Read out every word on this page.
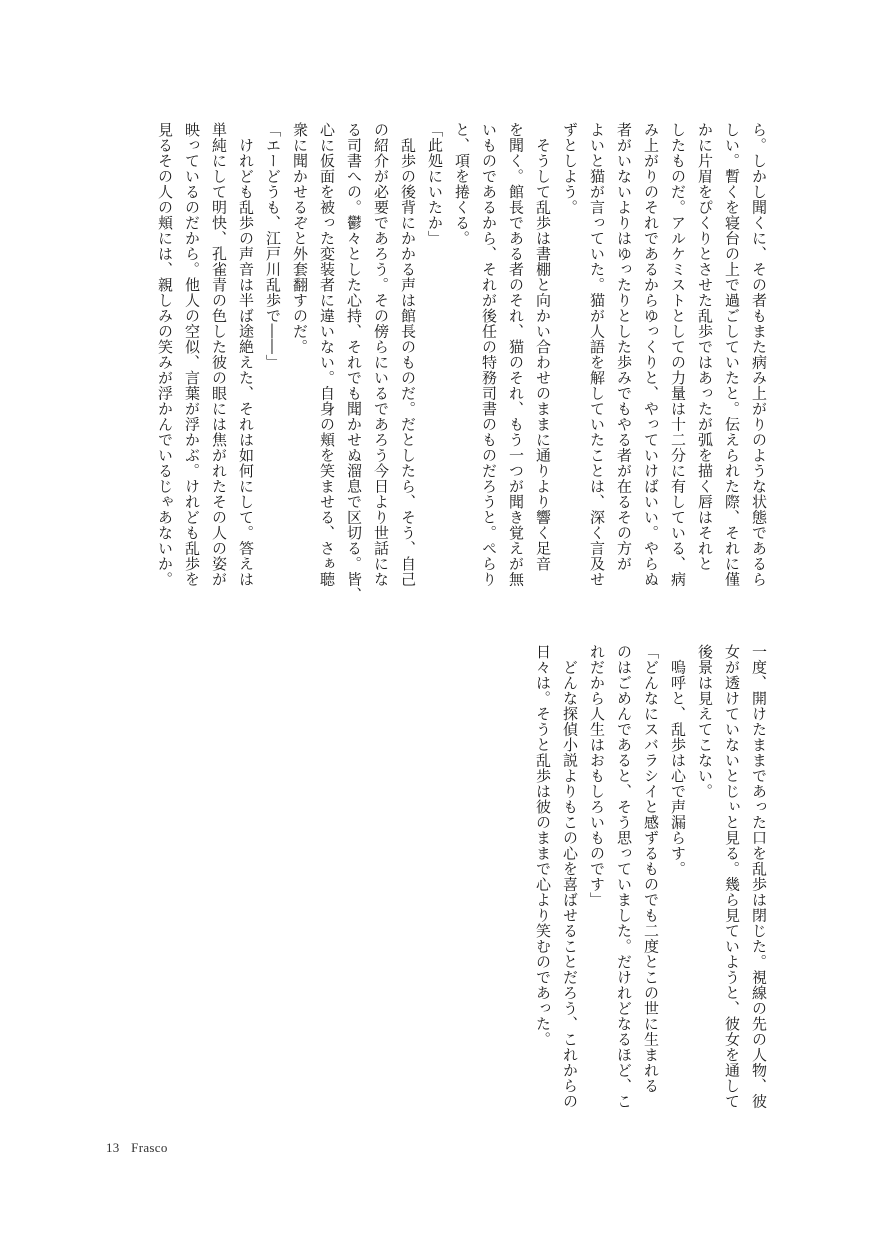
ら。しかし聞くに、その者もまた病み上がりのような状態であるら
しい。暫くを寝台の上で過ごしていたと。伝えられた際、それに僅
かに片眉をぴくりとさせた乱歩ではあったが弧を描く唇はそれと
したものだ。アルケミストとしての力量は十二分に有している、病
み上がりのそれであるからゆっくりと、やっていけばいい。やらぬ
者がいないよりはゆったりとした歩みでもやる者が在るその方が
よいと猫が言っていた。猫が人語を解していたことは、深く言及せ
ずとしよう。
　そうして乱歩は書棚と向かい合わせのままに通りより響く足音
を聞く。館長である者のそれ、猫のそれ、もう一つが聞き覚えが無
いものであるから、それが後任の特務司書のものだろうと。ぺらり
と、項を捲くる。
「此処にいたか」
　乱歩の後背にかかる声は館長のものだ。だとしたら、そう、自己
の紹介が必要であろう。その傍らにいるであろう今日より世話にな
る司書への。鬱々とした心持、それでも聞かせぬ溜息で区切る。皆、
心に仮面を被った変装者に違いない。自身の頬を笑ませる、さぁ聴
衆に聞かせるぞと外套翻すのだ。
「エーどうも、江戸川乱歩で――」
　けれども乱歩の声音は半ば途絶えた、それは如何にして。答えは
単純にして明快、孔雀青の色した彼の眼には焦がれたその人の姿が
映っているのだから。他人の空似、言葉が浮かぶ。けれども乱歩を
見るその人の頬には、親しみの笑みが浮かんでいるじゃあないか。
一度、開けたままであった口を乱歩は閉じた。視線の先の人物、彼
女が透けていないとじぃと見る。幾ら見ていようと、彼女を通して
後景は見えてこない。
　嗚呼と、乱歩は心で声漏らす。
「どんなにスバラシイと感ずるものでも二度とこの世に生まれる
のはごめんであると、そう思っていました。だけれどなるほど、こ
れだから人生はおもしろいものです」
　どんな探偵小説よりもこの心を喜ばせることだろう、これからの
日々は。そうと乱歩は彼のままで心より笑むのであった。
13 Frasco
